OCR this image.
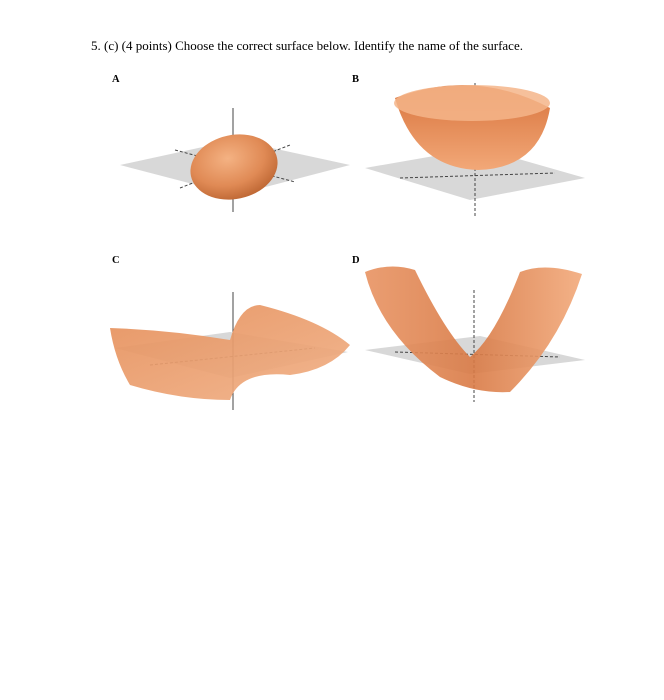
5. (c) (4 points) Choose the correct surface below. Identify the name of the surface.
A	B
C	D
